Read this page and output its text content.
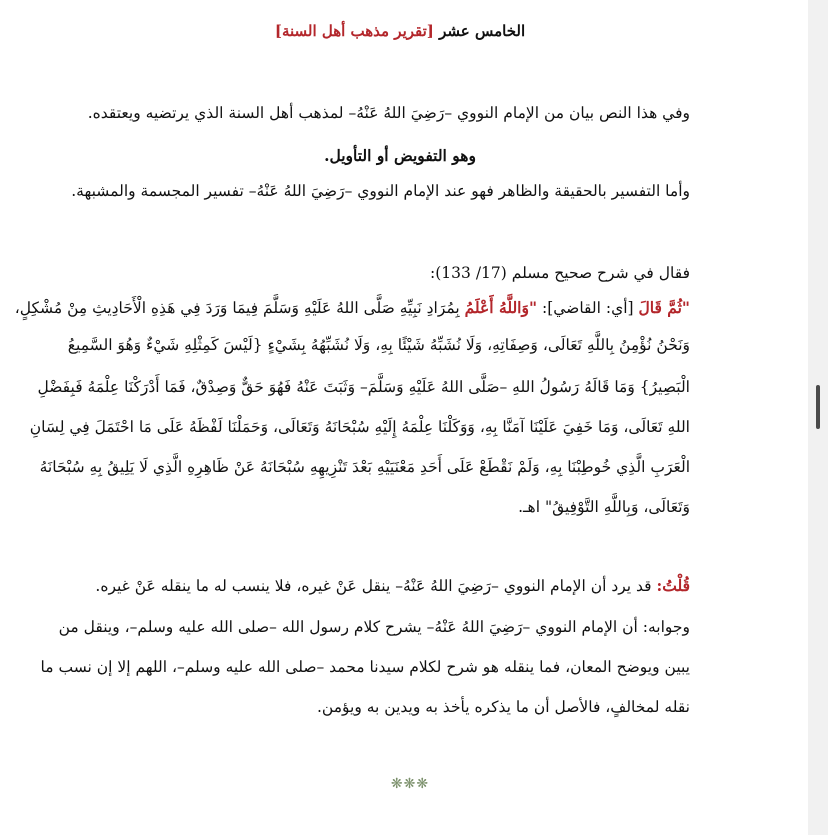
الخامس عشر [تقرير مذهب أهل السنة]
وفي هذا النص بيان من الإمام النووي –رَضِيَ اللهُ عَنْهُ– لمذهب أهل السنة الذي يرتضيه ويعتقده.
وهو التفويض أو التأويل.
وأما التفسير بالحقيقة والظاهر فهو عند الإمام النووي –رَضِيَ اللهُ عَنْهُ– تفسير المجسمة والمشبهة.
فقال في شرح صحيح مسلم (17/ 133):
"ثُمَّ قَالَ [أي: القاضي]: "وَاللَّهُ أَعْلَمُ بِمُرَادِ نَبِيِّهِ صَلَّى اللهُ عَلَيْهِ وَسَلَّمَ فِيمَا وَرَدَ فِي هَذِهِ الْأَحَادِيثِ مِنْ مُشْكِلٍ،
وَنَحْنُ نُؤْمِنُ بِاللَّهِ تَعَالَى، وَصِفَاتِهِ، وَلَا نُشَبِّهُ شَيْئًا بِهِ، وَلَا نُشَبِّهُهُ بِشَيْءٍ {لَيْسَ كَمِثْلِهِ شَيْءٌ وَهُوَ السَّمِيعُ
الْبَصِيرُ} وَمَا قَالَهُ رَسُولُ اللهِ –صَلَّى اللهُ عَلَيْهِ وَسَلَّمَ– وَثَبَتَ عَنْهُ فَهُوَ حَقٌّ وَصِدْقٌ، فَمَا أَدْرَكْنَا عِلْمَهُ فَبِفَضْلِ
اللهِ تَعَالَى، وَمَا خَفِيَ عَلَيْنَا آمَنَّا بِهِ، وَوَكَلْنَا عِلْمَهُ إِلَيْهِ سُبْحَانَهُ وَتَعَالَى، وَحَمَلْنَا لَفْظَهُ عَلَى مَا احْتَمَلَ فِي لِسَانِ
الْعَرَبِ الَّذِي خُوطِبْنَا بِهِ، وَلَمْ نَقْطَعْ عَلَى أَحَدِ مَعْنَيَيْهِ بَعْدَ تَنْزِيهِهِ سُبْحَانَهُ عَنْ ظَاهِرِهِ الَّذِي لَا يَلِيقُ بِهِ سُبْحَانَهُ
وَتَعَالَى، وَبِاللَّهِ التَّوْفِيقُ" اهـ.
قُلْتُ: قد يرد أن الإمام النووي –رَضِيَ اللهُ عَنْهُ– ينقل عَنْ غيره، فلا ينسب له ما ينقله عَنْ غيره.
وجوابه: أن الإمام النووي –رَضِيَ اللهُ عَنْهُ– يشرح كلام رسول الله –صلى الله عليه وسلم–، وينقل من
يبين ويوضح المعان، فما ينقله هو شرح لكلام سيدنا محمد –صلى الله عليه وسلم–، اللهم إلا إن نسب ما
نقله لمخالفٍ، فالأصل أن ما يذكره يأخذ به ويدين به ويؤمن.
❋❋❋
